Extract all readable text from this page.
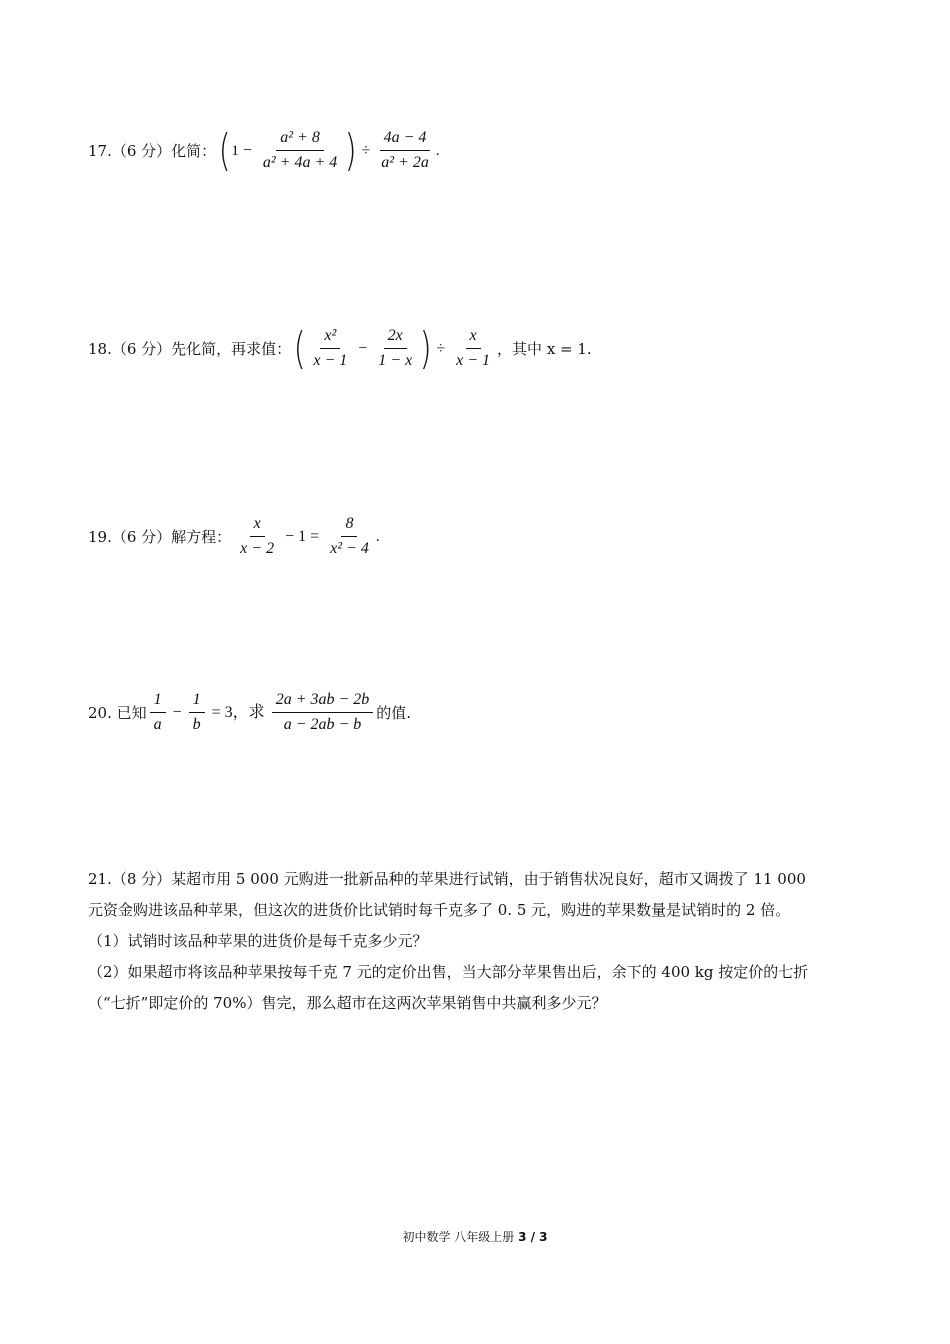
17.（6 分）化简： ( $1 - \frac{\text{a² + 8}}{\text{a² + 4a + 4}}$ ) ÷ $\frac{4a - 4}{\text{a² + 2a}}$ .
18.（6 分）先化简，再求值： ( $\frac{\text{x²}}{x - 1} - \frac{2x}{1 - x}$ ) ÷ $\frac{x}{x - 1}$ ，其中 x = 1.
19.（6 分）解方程： $\frac{x}{x - 2} - 1 = \frac{8}{\text{x² − 4}}$ .
20. 已知 $\frac{1}{a} - \frac{1}{b} = 3$，求 $\frac{2a + 3ab - 2b}{a - 2ab - b}$ 的值.

21.（8 分）某超市用 5 000 元购进一批新品种的苹果进行试销，由于销售状况良好，超市又调拨了 11 000

元资金购进该品种苹果，但这次的进货价比试销时每千克多了 0. 5 元，购进的苹果数量是试销时的 2 倍。

（1）试销时该品种苹果的进货价是每千克多少元？

（2）如果超市将该品种苹果按每千克 7 元的定价出售，当大部分苹果售出后，余下的 400 kg 按定价的七折

（“七折”即定价的 70%）售完，那么超市在这两次苹果销售中共赢利多少元？

初中数学 八年级上册 3 / 3
